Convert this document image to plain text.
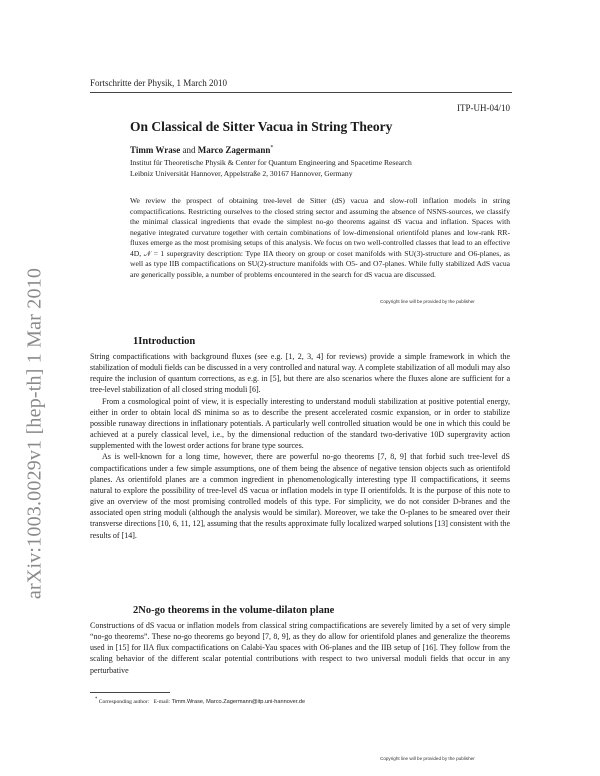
arXiv:1003.0029v1 [hep-th] 1 Mar 2010
Fortschritte der Physik, 1 March 2010
ITP-UH-04/10
On Classical de Sitter Vacua in String Theory
Timm Wrase and Marco Zagermann*
Institut für Theoretische Physik & Center for Quantum Engineering and Spacetime Research
Leibniz Universität Hannover, Appelstraße 2, 30167 Hannover, Germany
We review the prospect of obtaining tree-level de Sitter (dS) vacua and slow-roll inflation models in string compactifications. Restricting ourselves to the closed string sector and assuming the absence of NSNS-sources, we classify the minimal classical ingredients that evade the simplest no-go theorems against dS vacua and inflation. Spaces with negative integrated curvature together with certain combinations of low-dimensional orientifold planes and low-rank RR-fluxes emerge as the most promising setups of this analysis. We focus on two well-controlled classes that lead to an effective 4D, 𝒩 = 1 supergravity description: Type IIA theory on group or coset manifolds with SU(3)-structure and O6-planes, as well as type IIB compactifications on SU(2)-structure manifolds with O5- and O7-planes. While fully stabilized AdS vacua are generically possible, a number of problems encountered in the search for dS vacua are discussed.
Copyright line will be provided by the publisher
1Introduction

String compactifications with background fluxes (see e.g. [1, 2, 3, 4] for reviews) provide a simple framework in which the stabilization of moduli fields can be discussed in a very controlled and natural way. A complete stabilization of all moduli may also require the inclusion of quantum corrections, as e.g. in [5], but there are also scenarios where the fluxes alone are sufficient for a tree-level stabilization of all closed string moduli [6].

From a cosmological point of view, it is especially interesting to understand moduli stabilization at positive potential energy, either in order to obtain local dS minima so as to describe the present accelerated cosmic expansion, or in order to stabilize possible runaway directions in inflationary potentials. A particularly well controlled situation would be one in which this could be achieved at a purely classical level, i.e., by the dimensional reduction of the standard two-derivative 10D supergravity action supplemented with the lowest order actions for brane type sources.

As is well-known for a long time, however, there are powerful no-go theorems [7, 8, 9] that forbid such tree-level dS compactifications under a few simple assumptions, one of them being the absence of negative tension objects such as orientifold planes. As orientifold planes are a common ingredient in phenomenologically interesting type II compactifications, it seems natural to explore the possibility of tree-level dS vacua or inflation models in type II orientifolds. It is the purpose of this note to give an overview of the most promising controlled models of this type. For simplicity, we do not consider D-branes and the associated open string moduli (although the analysis would be similar). Moreover, we take the O-planes to be smeared over their transverse directions [10, 6, 11, 12], assuming that the results approximate fully localized warped solutions [13] consistent with the results of [14].

2No-go theorems in the volume-dilaton plane

Constructions of dS vacua or inflation models from classical string compactifications are severely limited by a set of very simple “no-go theorems”. These no-go theorems go beyond [7, 8, 9], as they do allow for orientifold planes and generalize the theorems used in [15] for IIA flux compactifications on Calabi-Yau spaces with O6-planes and the IIB setup of [16]. They follow from the scaling behavior of the different scalar potential contributions with respect to two universal moduli fields that occur in any perturbative

* Corresponding author: E-mail: Timm.Wrase, Marco.Zagermann@itp.uni-hannover.de
Copyright line will be provided by the publisher
